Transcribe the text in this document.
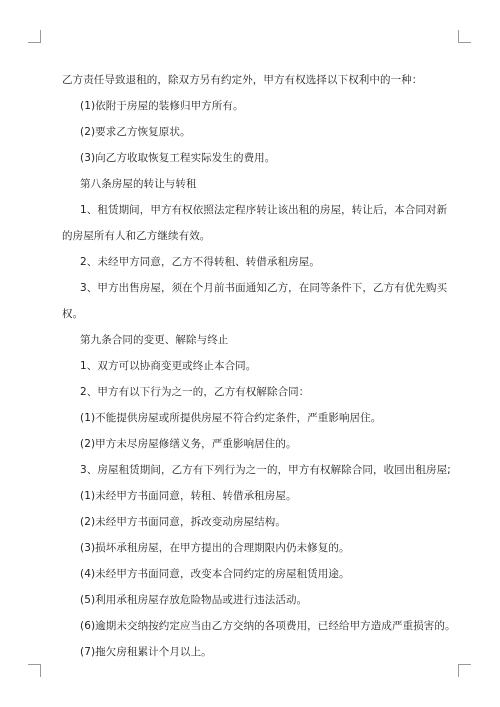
乙方责任导致退租的，除双方另有约定外，甲方有权选择以下权利中的一种：

(1)依附于房屋的装修归甲方所有。

(2)要求乙方恢复原状。

(3)向乙方收取恢复工程实际发生的费用。

第八条房屋的转让与转租

1、租赁期间，甲方有权依照法定程序转让该出租的房屋，转让后，本合同对新

的房屋所有人和乙方继续有效。

2、未经甲方同意，乙方不得转租、转借承租房屋。

3、甲方出售房屋，须在个月前书面通知乙方，在同等条件下，乙方有优先购买

权。

第九条合同的变更、解除与终止

1、双方可以协商变更或终止本合同。

2、甲方有以下行为之一的，乙方有权解除合同：

(1)不能提供房屋或所提供房屋不符合约定条件，严重影响居住。

(2)甲方未尽房屋修缮义务，严重影响居住的。

3、房屋租赁期间，乙方有下列行为之一的，甲方有权解除合同，收回出租房屋;

(1)未经甲方书面同意，转租、转借承租房屋。

(2)未经甲方书面同意，拆改变动房屋结构。

(3)损坏承租房屋，在甲方提出的合理期限内仍未修复的。

(4)未经甲方书面同意，改变本合同约定的房屋租赁用途。

(5)利用承租房屋存放危险物品或进行违法活动。

(6)逾期未交纳按约定应当由乙方交纳的各项费用，已经给甲方造成严重损害的。

(7)拖欠房租累计个月以上。
